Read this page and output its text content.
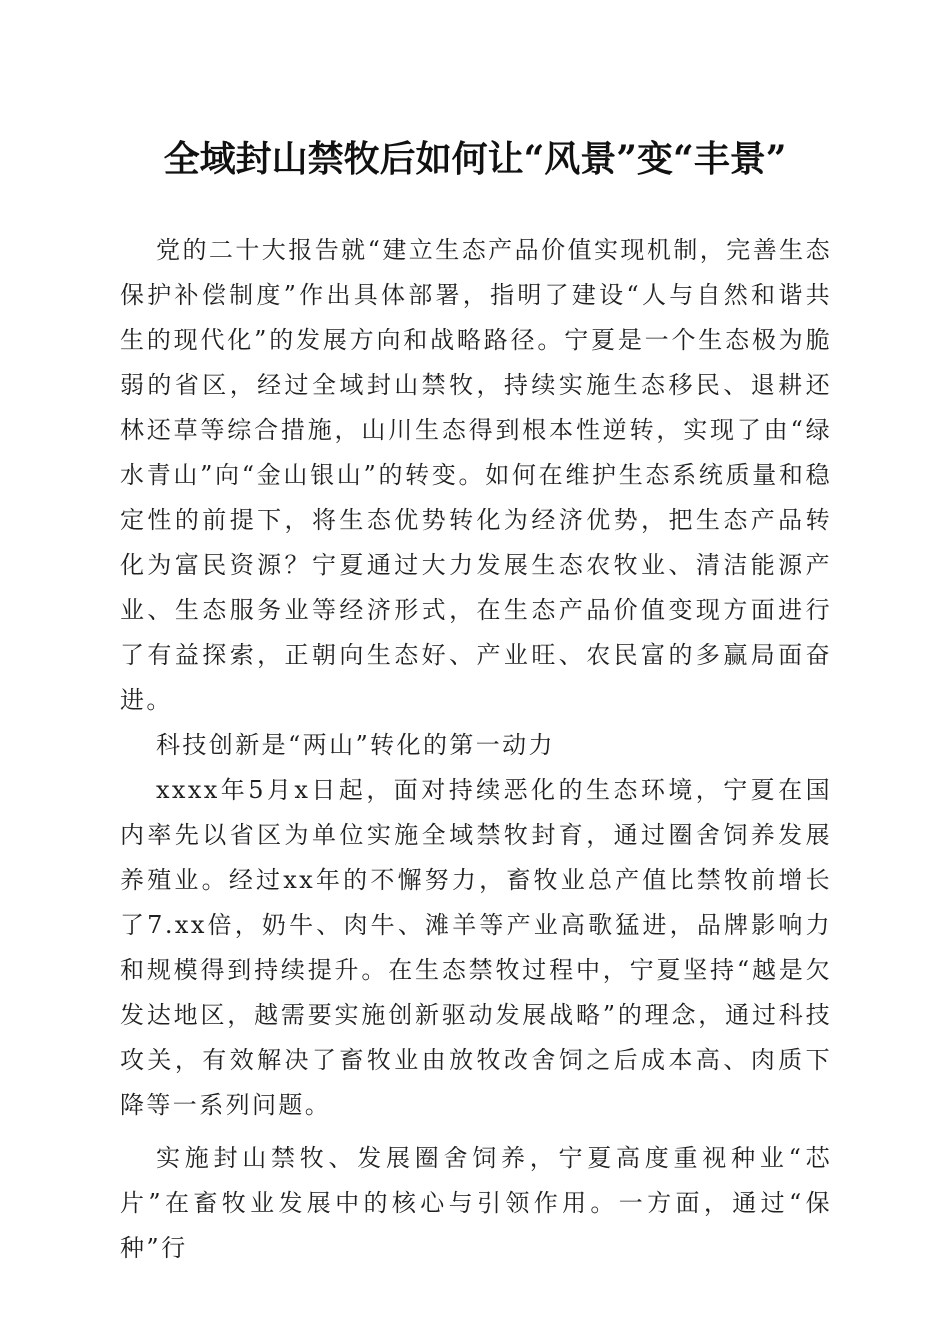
全域封山禁牧后如何让“风景”变“丰景”

党的二十大报告就“建立生态产品价值实现机制，完善生态保护补偿制度”作出具体部署，指明了建设“人与自然和谐共生的现代化”的发展方向和战略路径。宁夏是一个生态极为脆弱的省区，经过全域封山禁牧，持续实施生态移民、退耕还林还草等综合措施，山川生态得到根本性逆转，实现了由“绿水青山”向“金山银山”的转变。如何在维护生态系统质量和稳定性的前提下，将生态优势转化为经济优势，把生态产品转化为富民资源？宁夏通过大力发展生态农牧业、清洁能源产业、生态服务业等经济形式，在生态产品价值变现方面进行了有益探索，正朝向生态好、产业旺、农民富的多赢局面奋进。

科技创新是“两山”转化的第一动力

xxxx年5月x日起，面对持续恶化的生态环境，宁夏在国内率先以省区为单位实施全域禁牧封育，通过圈舍饲养发展养殖业。经过xx年的不懈努力，畜牧业总产值比禁牧前增长了7.xx倍，奶牛、肉牛、滩羊等产业高歌猛进，品牌影响力和规模得到持续提升。在生态禁牧过程中，宁夏坚持“越是欠发达地区，越需要实施创新驱动发展战略”的理念，通过科技攻关，有效解决了畜牧业由放牧改舍饲之后成本高、肉质下降等一系列问题。

实施封山禁牧、发展圈舍饲养，宁夏高度重视种业“芯片”在畜牧业发展中的核心与引领作用。一方面，通过“保种”行
